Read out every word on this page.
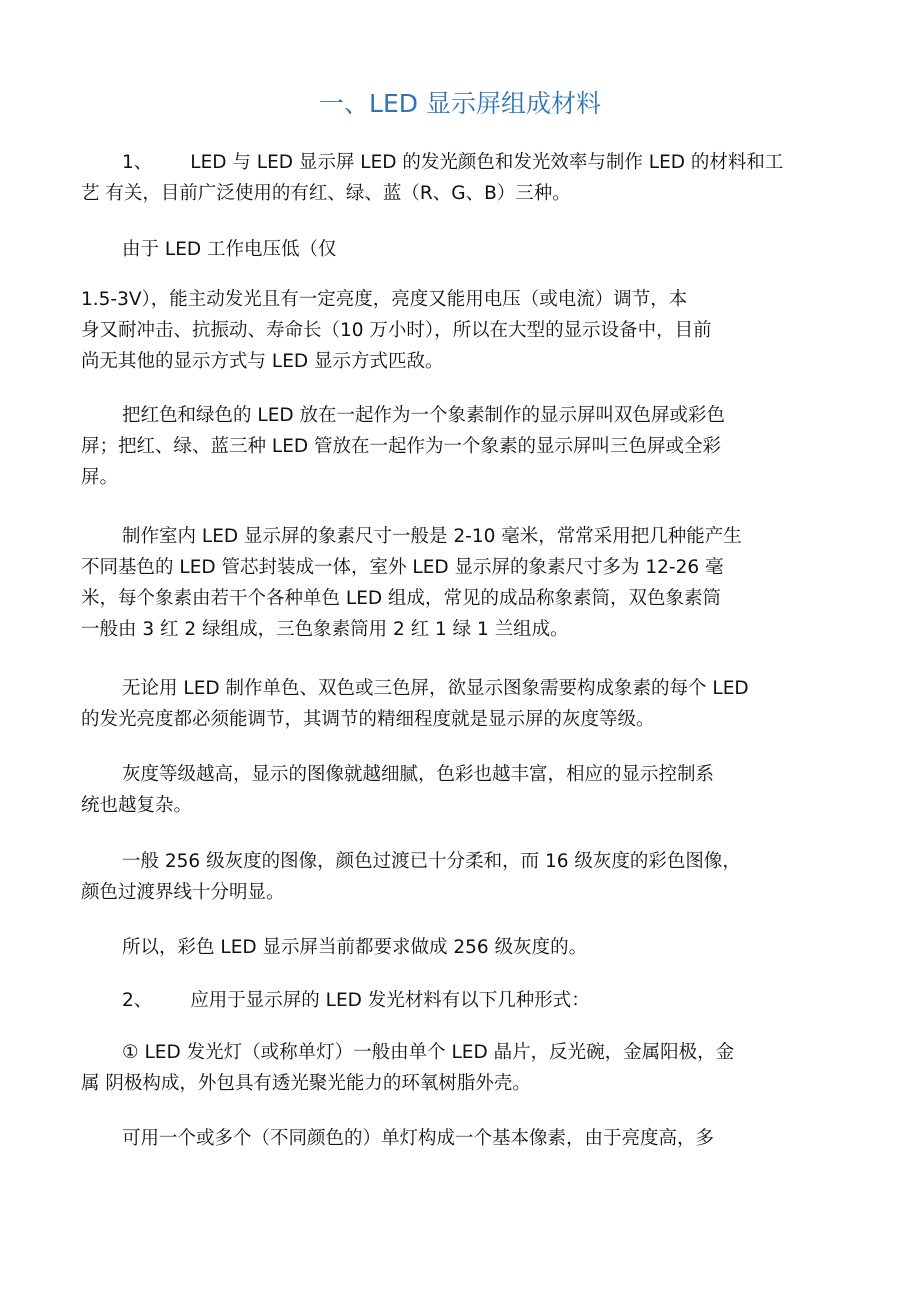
一、LED 显示屏组成材料
1、 LED 与 LED 显示屏 LED 的发光颜色和发光效率与制作 LED 的材料和工
艺 有关，目前广泛使用的有红、绿、蓝（R、G、B）三种。
由于 LED 工作电压低（仅
1.5-3V），能主动发光且有一定亮度，亮度又能用电压（或电流）调节，本
身又耐冲击、抗振动、寿命长（10 万小时），所以在大型的显示设备中，目前
尚无其他的显示方式与 LED 显示方式匹敌。
把红色和绿色的 LED 放在一起作为一个象素制作的显示屏叫双色屏或彩色
屏；把红、绿、蓝三种 LED 管放在一起作为一个象素的显示屏叫三色屏或全彩
屏。
制作室内 LED 显示屏的象素尺寸一般是 2-10 毫米，常常采用把几种能产生
不同基色的 LED 管芯封装成一体，室外 LED 显示屏的象素尺寸多为 12-26 毫
米，每个象素由若干个各种单色 LED 组成，常见的成品称象素筒，双色象素筒
一般由 3 红 2 绿组成，三色象素筒用 2 红 1 绿 1 兰组成。
无论用 LED 制作单色、双色或三色屏，欲显示图象需要构成象素的每个 LED
的发光亮度都必须能调节，其调节的精细程度就是显示屏的灰度等级。
灰度等级越高，显示的图像就越细腻，色彩也越丰富，相应的显示控制系
统也越复杂。
一般 256 级灰度的图像，颜色过渡已十分柔和，而 16 级灰度的彩色图像，
颜色过渡界线十分明显。
所以，彩色 LED 显示屏当前都要求做成 256 级灰度的。
2、 应用于显示屏的 LED 发光材料有以下几种形式：
① LED 发光灯（或称单灯）一般由单个 LED 晶片，反光碗，金属阳极，金
属 阴极构成，外包具有透光聚光能力的环氧树脂外壳。
可用一个或多个（不同颜色的）单灯构成一个基本像素，由于亮度高，多
